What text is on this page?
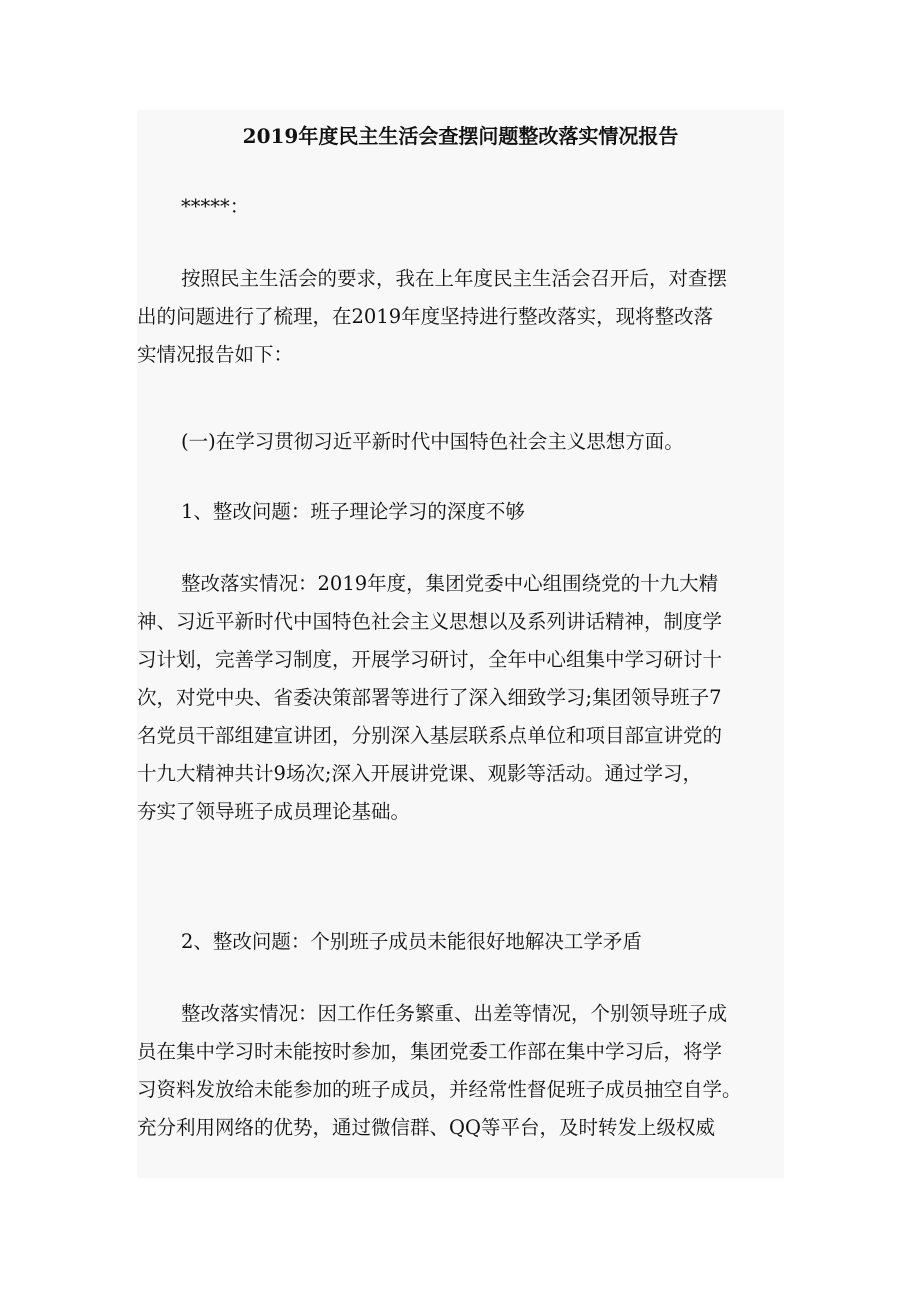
2019年度民主生活会查摆问题整改落实情况报告

*****：

按照民主生活会的要求，我在上年度民主生活会召开后，对查摆
出的问题进行了梳理，在2019年度坚持进行整改落实，现将整改落
实情况报告如下：

(一)在学习贯彻习近平新时代中国特色社会主义思想方面。

1、整改问题：班子理论学习的深度不够

整改落实情况：2019年度，集团党委中心组围绕党的十九大精
神、习近平新时代中国特色社会主义思想以及系列讲话精神，制度学
习计划，完善学习制度，开展学习研讨，全年中心组集中学习研讨十
次，对党中央、省委决策部署等进行了深入细致学习;集团领导班子7
名党员干部组建宣讲团，分别深入基层联系点单位和项目部宣讲党的
十九大精神共计9场次;深入开展讲党课、观影等活动。通过学习，
夯实了领导班子成员理论基础。

2、整改问题：个别班子成员未能很好地解决工学矛盾

整改落实情况：因工作任务繁重、出差等情况，个别领导班子成
员在集中学习时未能按时参加，集团党委工作部在集中学习后，将学
习资料发放给未能参加的班子成员，并经常性督促班子成员抽空自学。
充分利用网络的优势，通过微信群、QQ等平台，及时转发上级权威
